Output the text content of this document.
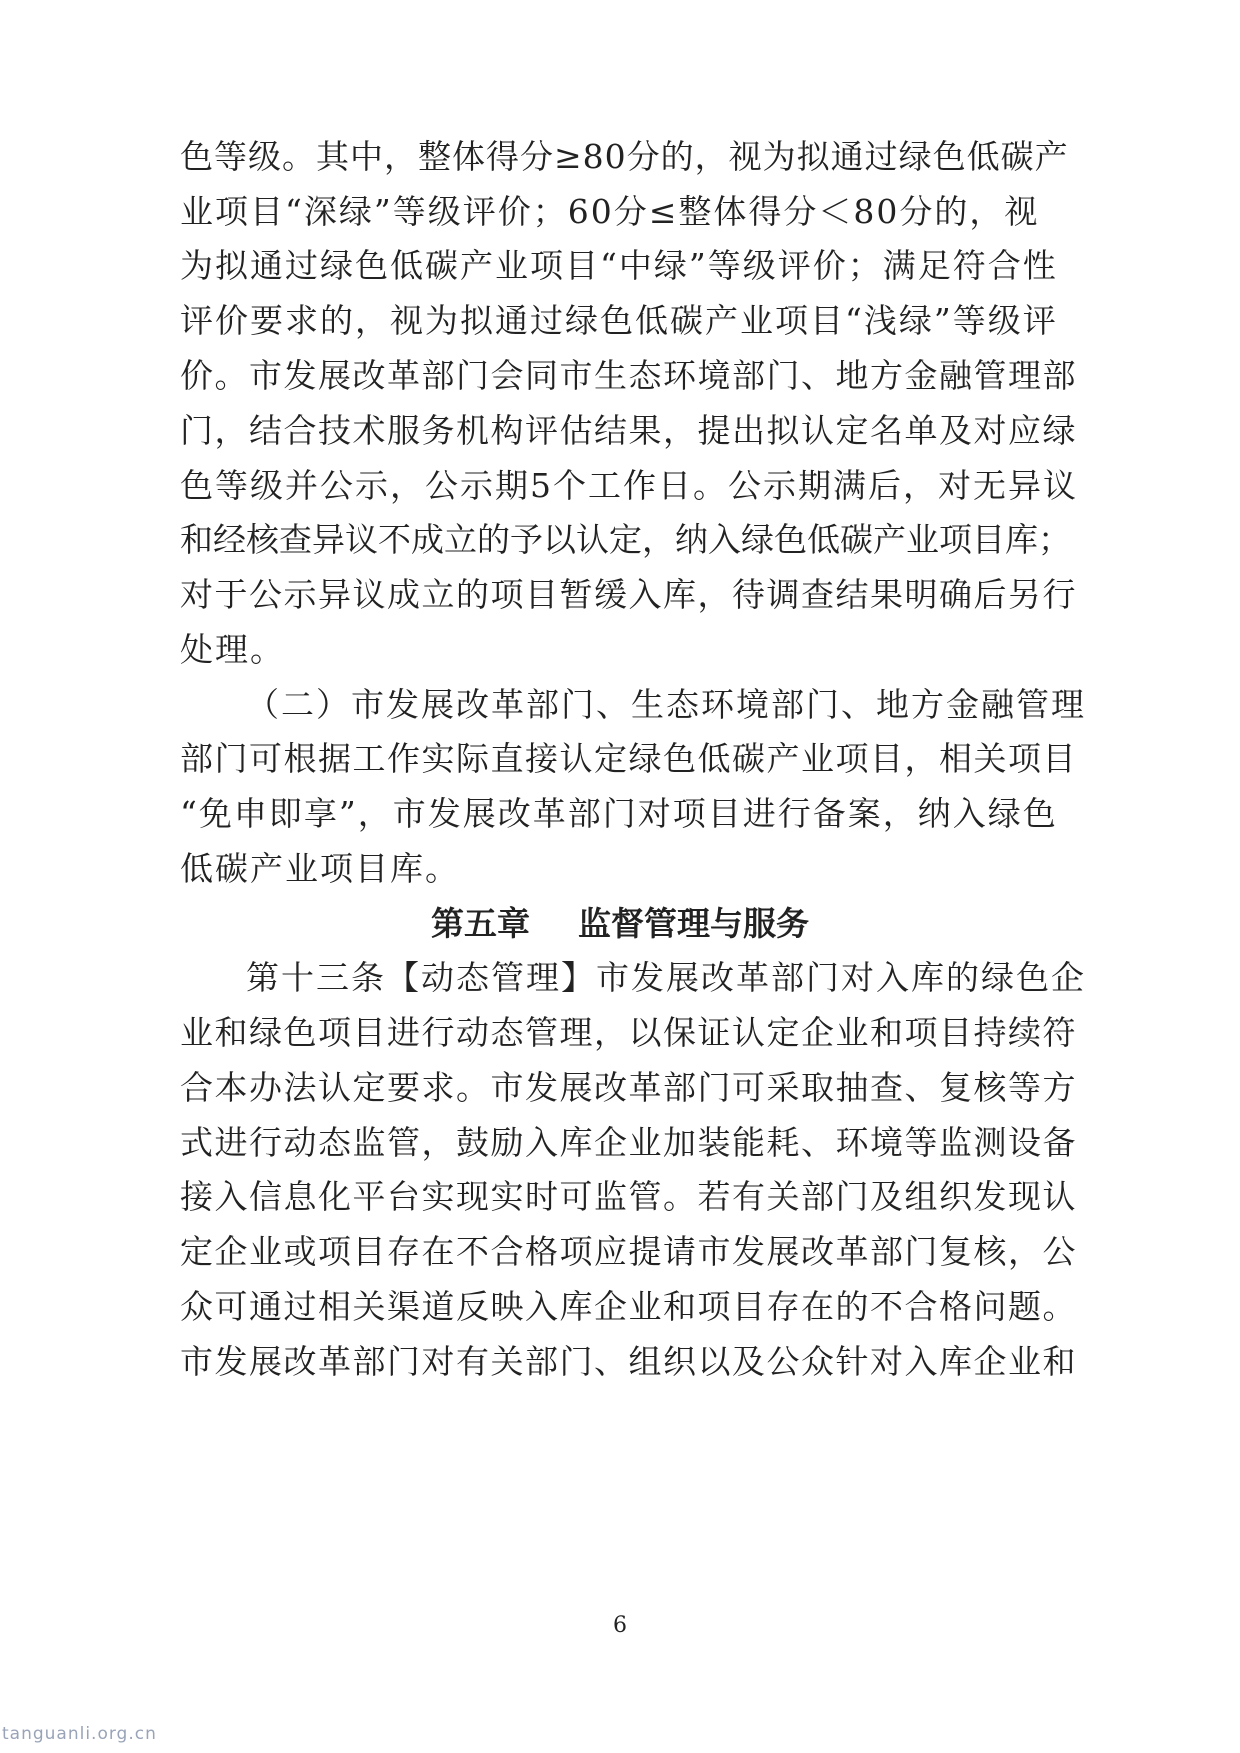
色等级。其中，整体得分≥80分的，视为拟通过绿色低碳产
业项目“深绿”等级评价；60分≤整体得分＜80分的，视
为拟通过绿色低碳产业项目“中绿”等级评价；满足符合性
评价要求的，视为拟通过绿色低碳产业项目“浅绿”等级评
价。市发展改革部门会同市生态环境部门、地方金融管理部
门，结合技术服务机构评估结果，提出拟认定名单及对应绿
色等级并公示，公示期5个工作日。公示期满后，对无异议
和经核查异议不成立的予以认定，纳入绿色低碳产业项目库；
对于公示异议成立的项目暂缓入库，待调查结果明确后另行
处理。
（二）市发展改革部门、生态环境部门、地方金融管理
部门可根据工作实际直接认定绿色低碳产业项目，相关项目
“免申即享”，市发展改革部门对项目进行备案，纳入绿色
低碳产业项目库。
第五章 监督管理与服务
第十三条【动态管理】市发展改革部门对入库的绿色企
业和绿色项目进行动态管理，以保证认定企业和项目持续符
合本办法认定要求。市发展改革部门可采取抽查、复核等方
式进行动态监管，鼓励入库企业加装能耗、环境等监测设备
接入信息化平台实现实时可监管。若有关部门及组织发现认
定企业或项目存在不合格项应提请市发展改革部门复核，公
众可通过相关渠道反映入库企业和项目存在的不合格问题。
市发展改革部门对有关部门、组织以及公众针对入库企业和
6
tanguanli.org.cn
